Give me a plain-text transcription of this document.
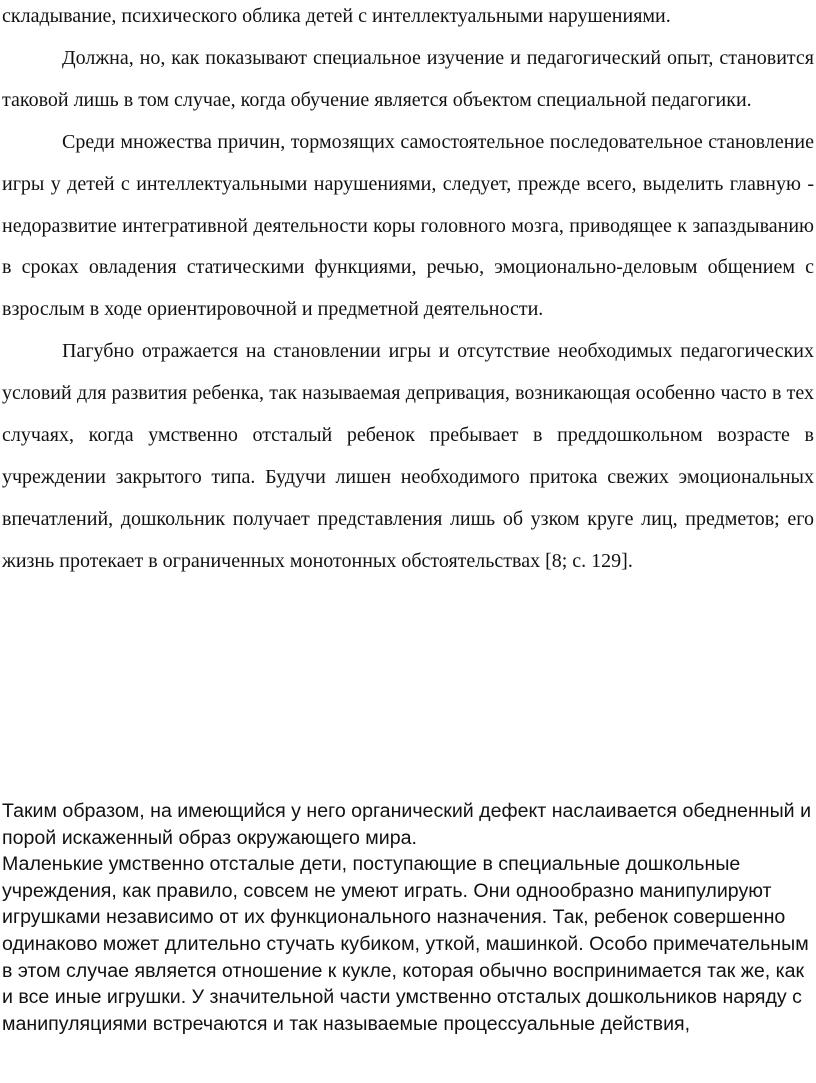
складывание, психического облика детей с интеллектуальными нарушениями.

Должна, но, как показывают специальное изучение и педагогический опыт, становится таковой лишь в том случае, когда обучение является объектом специальной педагогики.

Среди множества причин, тормозящих самостоятельное последовательное становление игры у детей с интеллектуальными нарушениями, следует, прежде всего, выделить главную - недоразвитие интегративной деятельности коры головного мозга, приводящее к запаздыванию в сроках овладения статическими функциями, речью, эмоционально-деловым общением с взрослым в ходе ориентировочной и предметной деятельности.

Пагубно отражается на становлении игры и отсутствие необходимых педагогических условий для развития ребенка, так называемая депривация, возникающая особенно часто в тех случаях, когда умственно отсталый ребенок пребывает в преддошкольном возрасте в учреждении закрытого типа. Будучи лишен необходимого притока свежих эмоциональных впечатлений, дошкольник получает представления лишь об узком круге лиц, предметов; его жизнь протекает в ограниченных монотонных обстоятельствах [8; с. 129].

Таким образом, на имеющийся у него органический дефект наслаивается обедненный и порой искаженный образ окружающего мира.

Маленькие умственно отсталые дети, поступающие в специальные дошкольные учреждения, как правило, совсем не умеют играть. Они однообразно манипулируют игрушками независимо от их функционального назначения. Так, ребенок совершенно одинаково может длительно стучать кубиком, уткой, машинкой. Особо примечательным в этом случае является отношение к кукле, которая обычно воспринимается так же, как и все иные игрушки. У значительной части умственно отсталых дошкольников наряду с манипуляциями встречаются и так называемые процессуальные действия,
